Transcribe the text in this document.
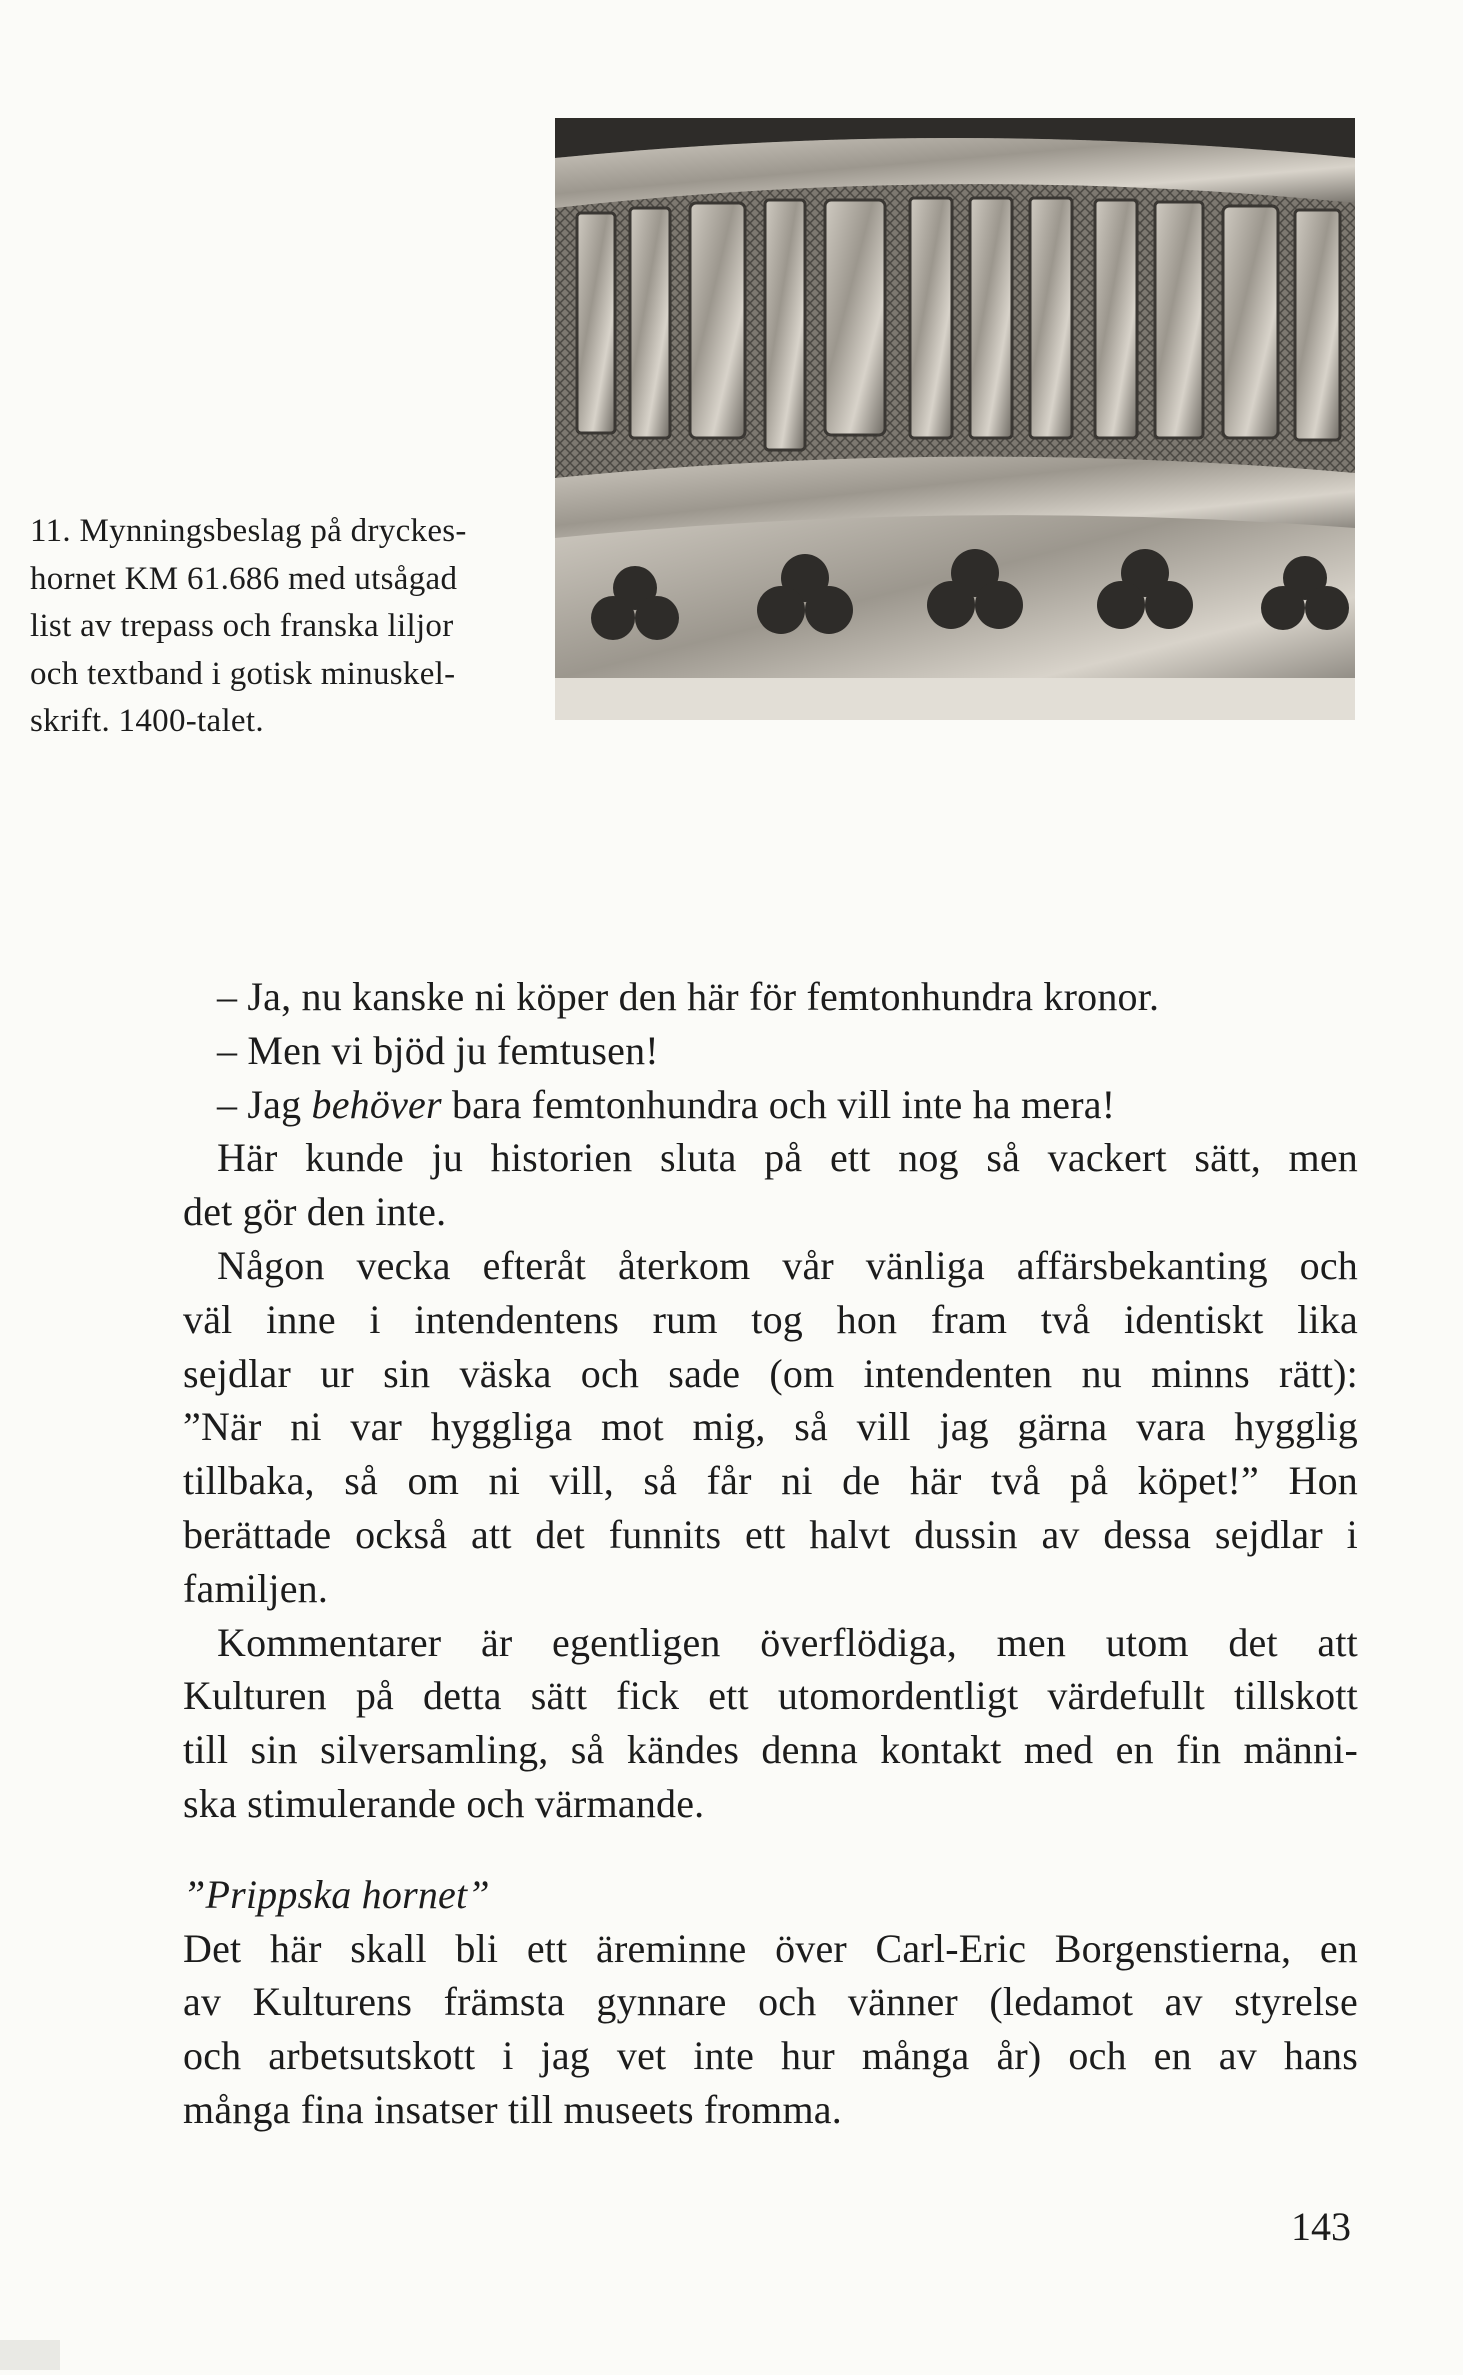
11. Mynningsbeslag på dryckes-
hornet KM 61.686 med utsågad
list av trepass och franska liljor
och textband i gotisk minuskel-
skrift. 1400-talet.
– Ja, nu kanske ni köper den här för femtonhundra kronor.
– Men vi bjöd ju femtusen!
– Jag behöver bara femtonhundra och vill inte ha mera!
Här kunde ju historien sluta på ett nog så vackert sätt, men
det gör den inte.
Någon vecka efteråt återkom vår vänliga affärsbekanting och
väl inne i intendentens rum tog hon fram två identiskt lika
sejdlar ur sin väska och sade (om intendenten nu minns rätt):
”När ni var hyggliga mot mig, så vill jag gärna vara hygglig
tillbaka, så om ni vill, så får ni de här två på köpet!” Hon
berättade också att det funnits ett halvt dussin av dessa sejdlar i
familjen.
Kommentarer är egentligen överflödiga, men utom det att
Kulturen på detta sätt fick ett utomordentligt värdefullt tillskott
till sin silversamling, så kändes denna kontakt med en fin männi-
ska stimulerande och värmande.
”Prippska hornet”
Det här skall bli ett äreminne över Carl-Eric Borgenstierna, en
av Kulturens främsta gynnare och vänner (ledamot av styrelse
och arbetsutskott i jag vet inte hur många år) och en av hans
många fina insatser till museets fromma.
143
